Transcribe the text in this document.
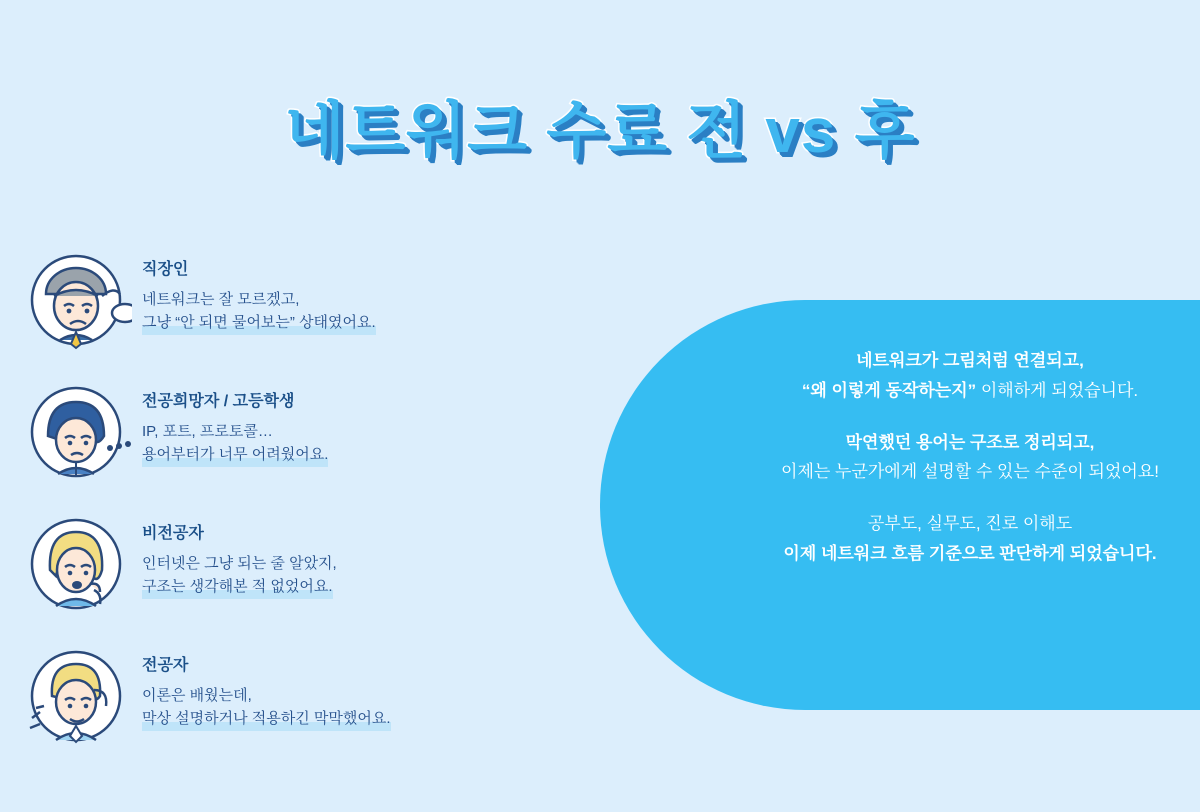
네트워크 수료 전 vs 후
직장인
네트워크는 잘 모르겠고,
그냥 “안 되면 물어보는” 상태였어요.
전공희망자 / 고등학생
IP, 포트, 프로토콜…
용어부터가 너무 어려웠어요.
비전공자
인터넷은 그냥 되는 줄 알았지,
구조는 생각해본 적 없었어요.
전공자
이론은 배웠는데,
막상 설명하거나 적용하긴 막막했어요.
네트워크가 그림처럼 연결되고,
“왜 이렇게 동작하는지” 이해하게 되었습니다.
막연했던 용어는 구조로 정리되고,
이제는 누군가에게 설명할 수 있는 수준이 되었어요!
공부도, 실무도, 진로 이해도
이제 네트워크 흐름 기준으로 판단하게 되었습니다.
